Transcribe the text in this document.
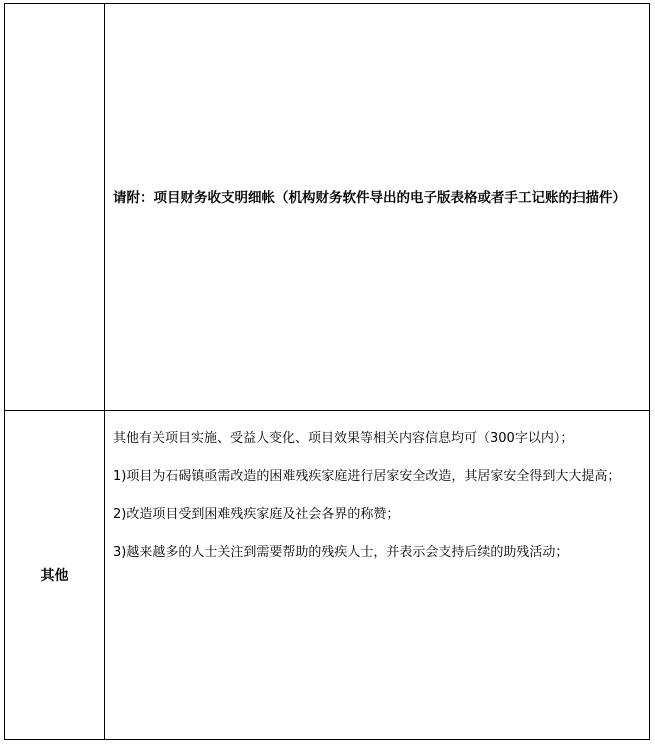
	请附：项目财务收支明细帐（机构财务软件导出的电子版表格或者手工记账的扫描件）

其他	其他有关项目实施、受益人变化、项目效果等相关内容信息均可（300字以内）；

1)项目为石碣镇亟需改造的困难残疾家庭进行居家安全改造，其居家安全得到大大提高；

2)改造项目受到困难残疾家庭及社会各界的称赞；

3)越来越多的人士关注到需要帮助的残疾人士，并表示会支持后续的助残活动；
